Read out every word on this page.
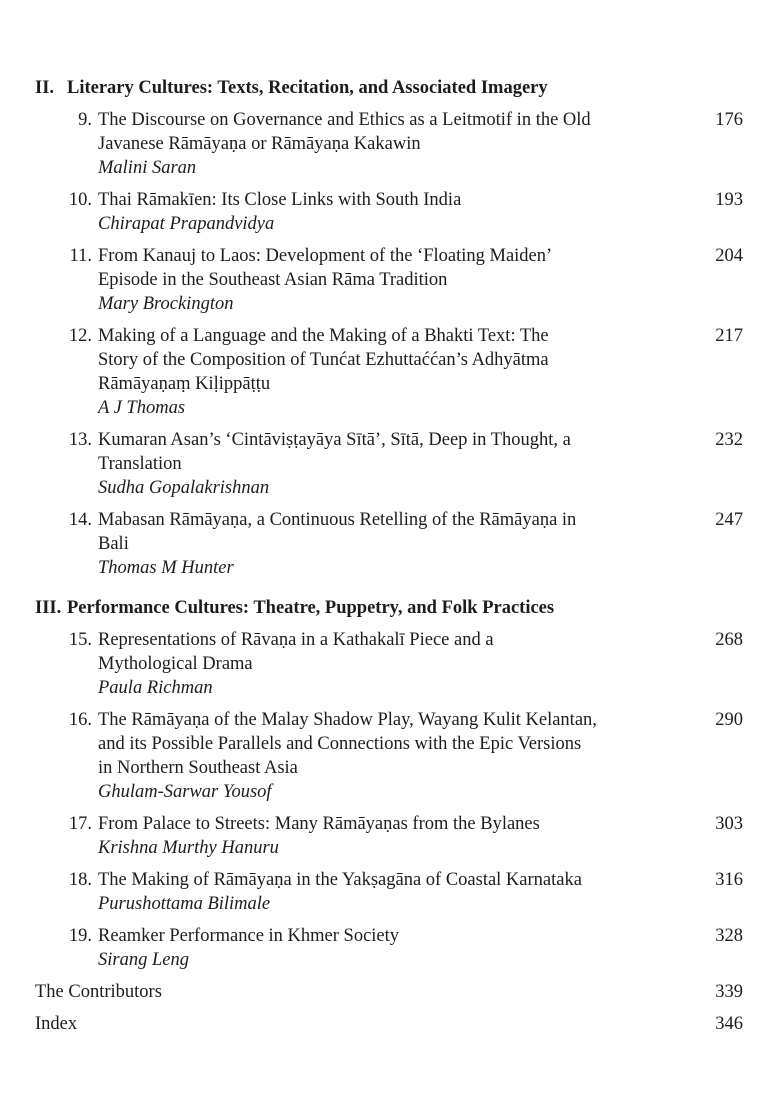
II. Literary Cultures: Texts, Recitation, and Associated Imagery
9. The Discourse on Governance and Ethics as a Leitmotif in the Old
Javanese Rāmāyaṇa or Rāmāyaṇa Kakawin
Malini Saran
176
10. Thai Rāmakīen: Its Close Links with South India
Chirapat Prapandvidya
193
11. From Kanauj to Laos: Development of the ‘Floating Maiden’
Episode in the Southeast Asian Rāma Tradition
Mary Brockington
204
12. Making of a Language and the Making of a Bhakti Text: The
Story of the Composition of Tunćat Ezhuttaććan’s Adhyātma
Rāmāyaṇaṃ Kiḷippāṭṭu
A J Thomas
217
13. Kumaran Asan’s ‘Cintāviṣṭayāya Sītā’, Sītā, Deep in Thought, a
Translation
Sudha Gopalakrishnan
232
14. Mabasan Rāmāyaṇa, a Continuous Retelling of the Rāmāyaṇa in
Bali
Thomas M Hunter
247
III. Performance Cultures: Theatre, Puppetry, and Folk Practices
15. Representations of Rāvaṇa in a Kathakalī Piece and a
Mythological Drama
Paula Richman
268
16. The Rāmāyaṇa of the Malay Shadow Play, Wayang Kulit Kelantan,
and its Possible Parallels and Connections with the Epic Versions
in Northern Southeast Asia
Ghulam-Sarwar Yousof
290
17. From Palace to Streets: Many Rāmāyaṇas from the Bylanes
Krishna Murthy Hanuru
303
18. The Making of Rāmāyaṇa in the Yakṣagāna of Coastal Karnataka
Purushottama Bilimale
316
19. Reamker Performance in Khmer Society
Sirang Leng
328
The Contributors	339
Index	346
